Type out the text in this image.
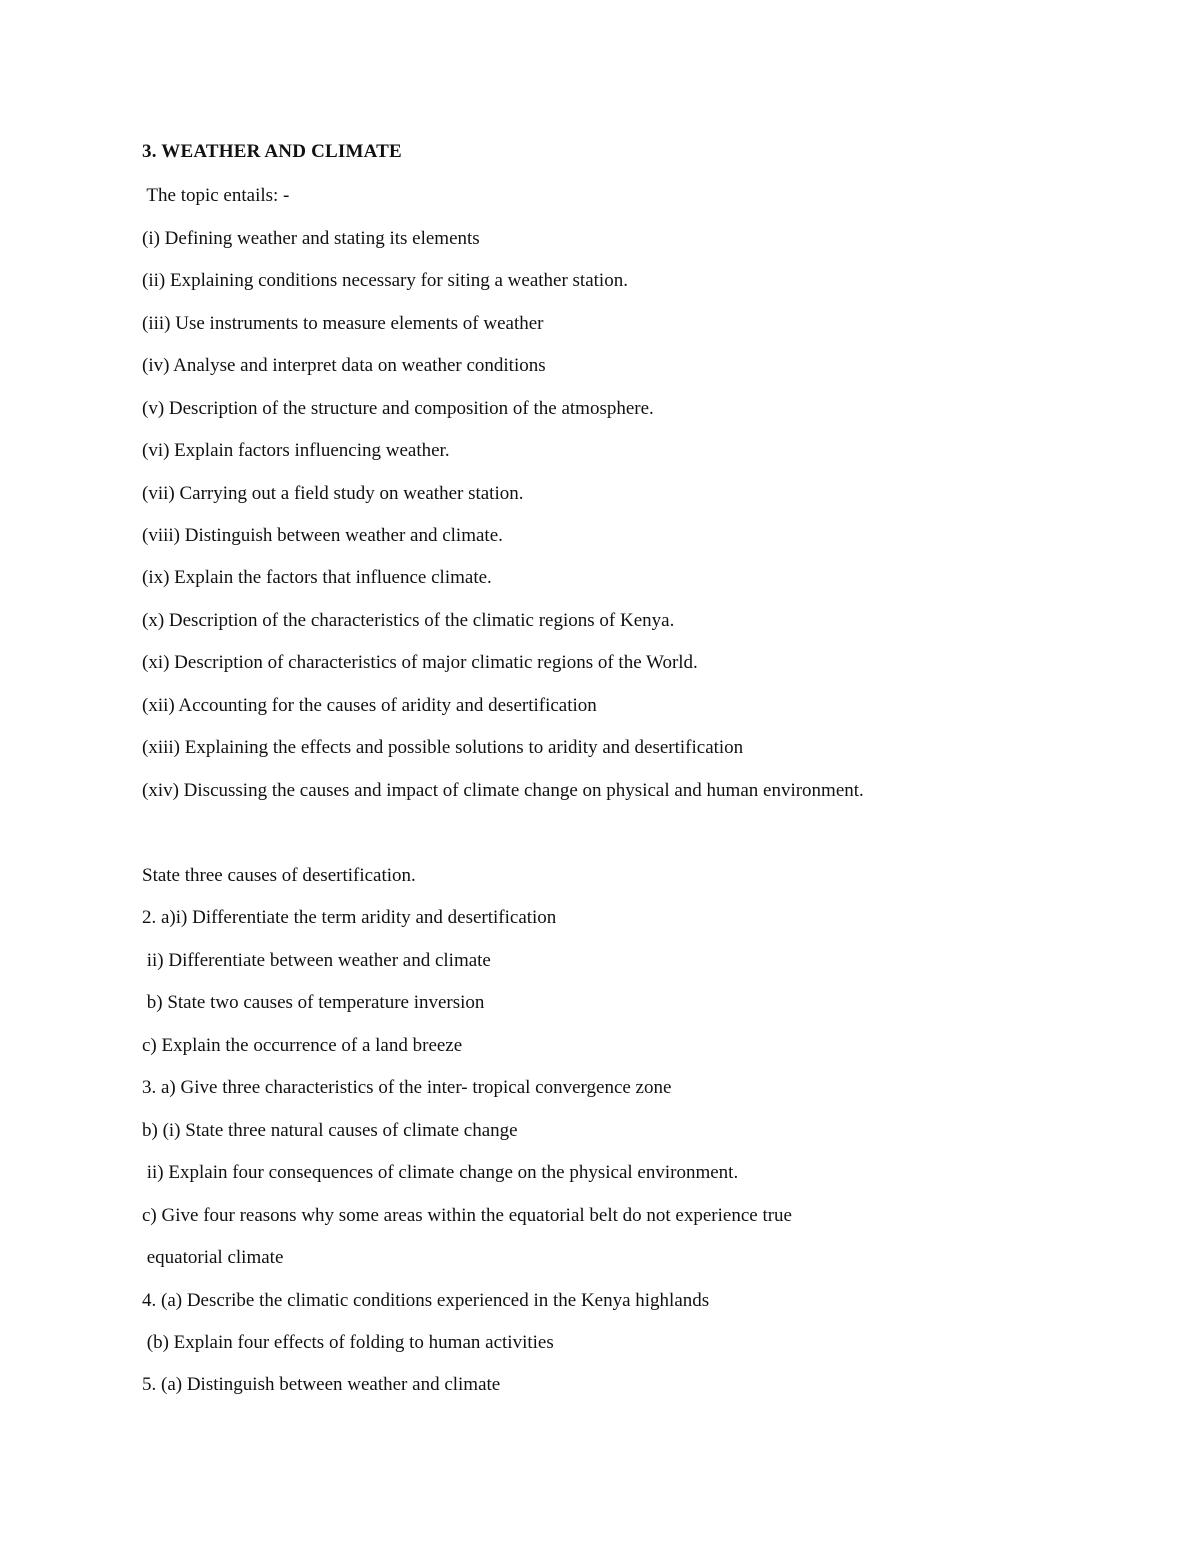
3. WEATHER AND CLIMATE
The topic entails: -
(i) Defining weather and stating its elements
(ii) Explaining conditions necessary for siting a weather station.
(iii) Use instruments to measure elements of weather
(iv) Analyse and interpret data on weather conditions
(v) Description of the structure and composition of the atmosphere.
(vi) Explain factors influencing weather.
(vii) Carrying out a field study on weather station.
(viii) Distinguish between weather and climate.
(ix) Explain the factors that influence climate.
(x) Description of the characteristics of the climatic regions of Kenya.
(xi) Description of characteristics of major climatic regions of the World.
(xii) Accounting for the causes of aridity and desertification
(xiii) Explaining the effects and possible solutions to aridity and desertification
(xiv) Discussing the causes and impact of climate change on physical and human environment.
State three causes of desertification.
2. a)i) Differentiate the term aridity and desertification
ii) Differentiate between weather and climate
b) State two causes of temperature inversion
c) Explain the occurrence of a land breeze
3. a) Give three characteristics of the inter- tropical convergence zone
b) (i) State three natural causes of climate change
ii) Explain four consequences of climate change on the physical environment.
c) Give four reasons why some areas within the equatorial belt do not experience true
equatorial climate
4. (a) Describe the climatic conditions experienced in the Kenya highlands
(b) Explain four effects of folding to human activities
5. (a) Distinguish between weather and climate
